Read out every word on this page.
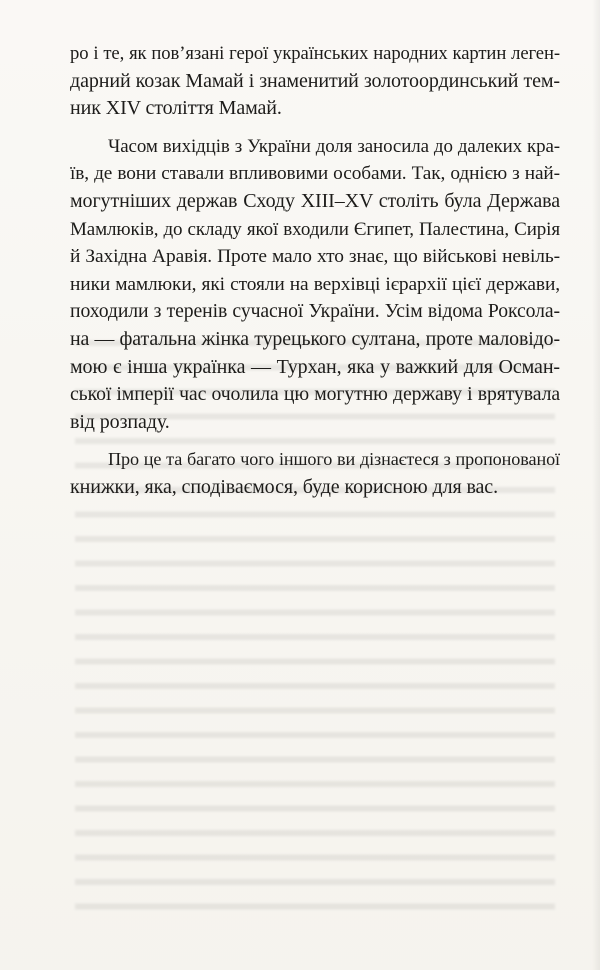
ро і те, як пов’язані герої українських народних картин леген-
дарний козак Мамай і знаменитий золотоординський тем-
ник XIV століття Мамай.
Часом вихідців з України доля заносила до далеких кра-
їв, де вони ставали впливовими особами. Так, однією з най-
могутніших держав Сходу XIII–XV століть була Держава
Мамлюків, до складу якої входили Єгипет, Палестина, Сирія
й Західна Аравія. Проте мало хто знає, що військові невіль-
ники мамлюки, які стояли на верхівці ієрархії цієї держави,
походили з теренів сучасної України. Усім відома Роксола-
на — фатальна жінка турецького султана, проте маловідо-
мою є інша українка — Турхан, яка у важкий для Осман-
ської імперії час очолила цю могутню державу і врятувала
від розпаду.
Про це та багато чого іншого ви дізнаєтеся з пропонованої
книжки, яка, сподіваємося, буде корисною для вас.
